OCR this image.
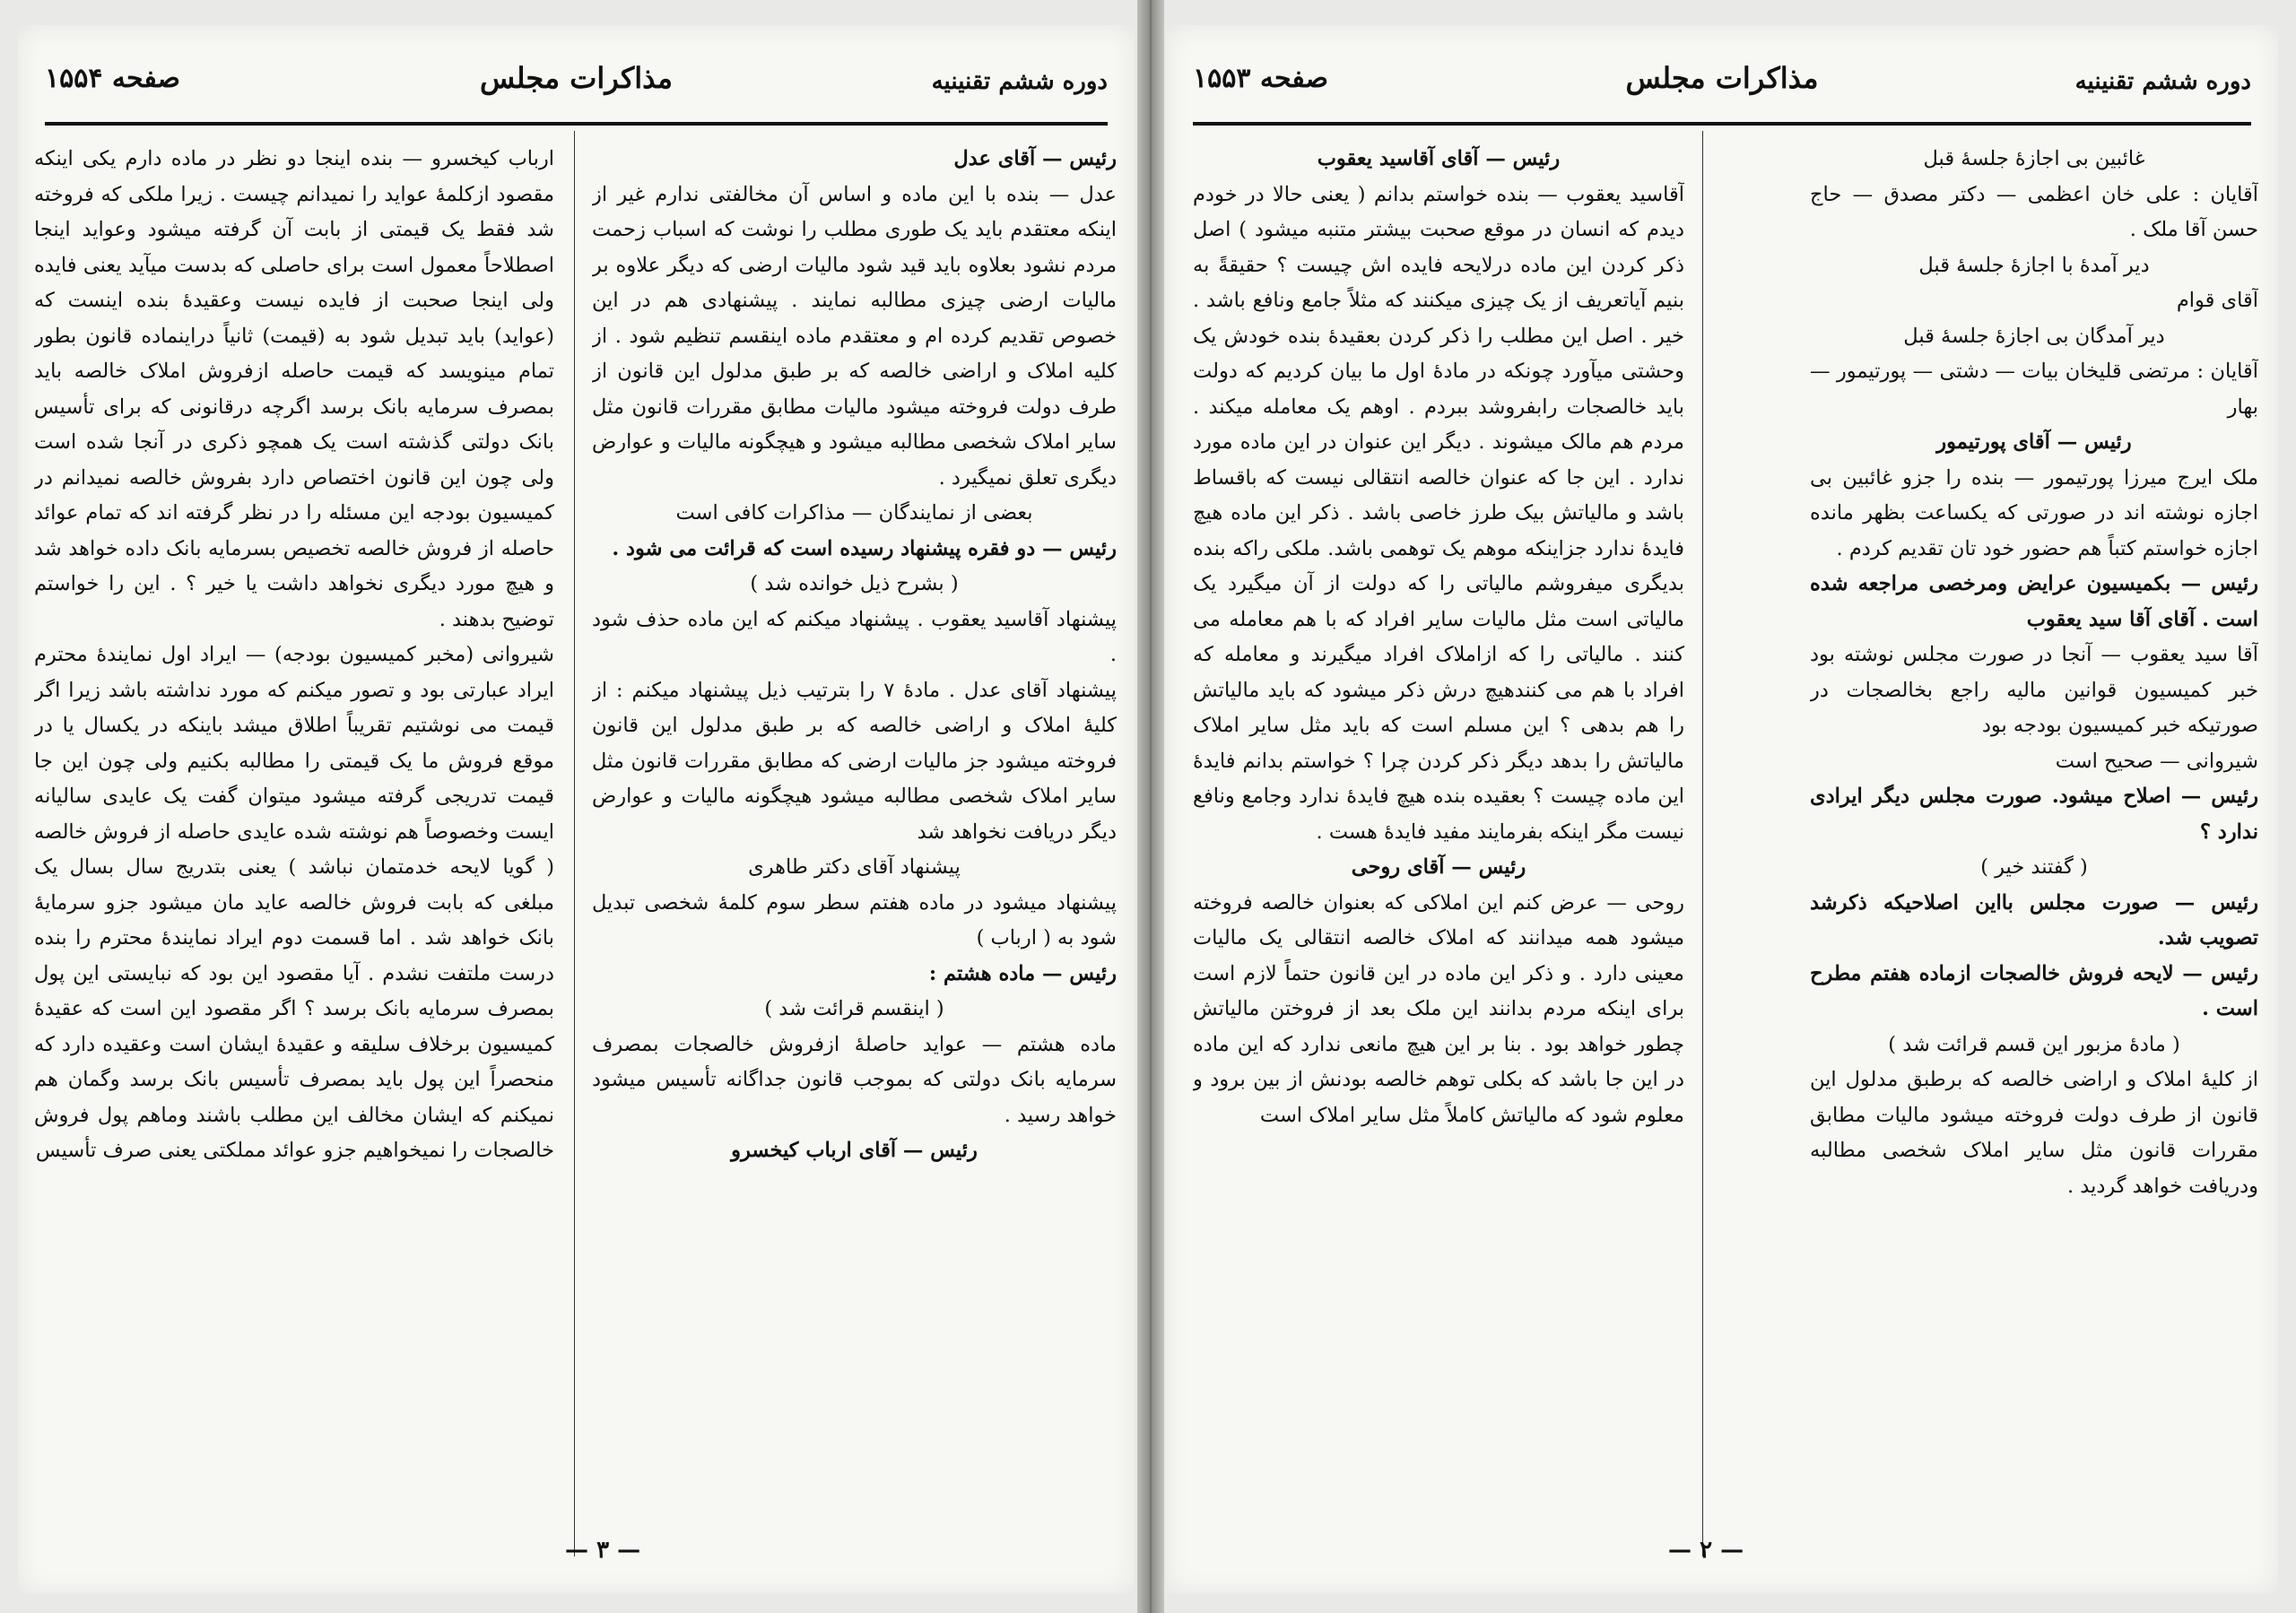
دوره ششم تقنینیه
مذاکرات مجلس
صفحه ۱۵۵۴

رئیس — آقای عدل

عدل — بنده با این ماده و اساس آن مخالفتی ندارم غیر از اینکه معتقدم باید یک طوری مطلب را نوشت که اسباب زحمت مردم نشود بعلاوه باید قید شود مالیات ارضی که دیگر علاوه بر مالیات ارضی چیزی مطالبه نمایند . پیشنهادی هم در این خصوص تقدیم کرده ام و معتقدم ماده اینقسم تنظیم شود . از کلیه املاک و اراضی خالصه که بر طبق مدلول این قانون از طرف دولت فروخته میشود مالیات مطابق مقررات قانون مثل سایر املاک شخصی مطالبه میشود و هیچگونه مالیات و عوارض دیگری تعلق نمیگیرد .

بعضی از نمایندگان — مذاکرات کافی است

رئیس — دو فقره پیشنهاد رسیده است که قرائت می شود .

( بشرح ذیل خوانده شد )

پیشنهاد آقاسید یعقوب . پیشنهاد میکنم که این ماده حذف شود .

پیشنهاد آقای عدل . مادهٔ ۷ را بترتیب ذیل پیشنهاد میکنم : از کلیهٔ املاک و اراضی خالصه که بر طبق مدلول این قانون فروخته میشود جز مالیات ارضی که مطابق مقررات قانون مثل سایر املاک شخصی مطالبه میشود هیچگونه مالیات و عوارض دیگر دریافت نخواهد شد

پیشنهاد آقای دکتر طاهری

پیشنهاد میشود در ماده هفتم سطر سوم کلمهٔ شخصی تبدیل شود به ( ارباب )

رئیس — ماده هشتم :

( اینقسم قرائت شد )

ماده هشتم — عواید حاصلهٔ ازفروش خالصجات بمصرف سرمایه بانک دولتی که بموجب قانون جداگانه تأسیس میشود خواهد رسید .

رئیس — آقای ارباب کیخسرو

ارباب کیخسرو — بنده اینجا دو نظر در ماده دارم یکی اینکه مقصود ازکلمهٔ عواید را نمیدانم چیست . زیرا ملکی که فروخته شد فقط یک قیمتی از بابت آن گرفته میشود وعواید اینجا اصطلاحاً معمول است برای حاصلی که بدست میآید یعنی فایده ولی اینجا صحبت از فایده نیست وعقیدهٔ بنده اینست که (عواید) باید تبدیل شود به (قیمت) ثانیاً دراینماده قانون بطور تمام مینویسد که قیمت حاصله ازفروش املاک خالصه باید بمصرف سرمایه بانک برسد اگرچه درقانونی که برای تأسیس بانک دولتی گذشته است یک همچو ذکری در آنجا شده است ولی چون این قانون اختصاص دارد بفروش خالصه نمیدانم در کمیسیون بودجه این مسئله را در نظر گرفته اند که تمام عوائد حاصله از فروش خالصه تخصیص بسرمایه بانک داده خواهد شد و هیچ مورد دیگری نخواهد داشت یا خیر ؟ . این را خواستم توضیح بدهند .

شیروانی (مخبر کمیسیون بودجه) — ایراد اول نمایندهٔ محترم ایراد عبارتی بود و تصور میکنم که مورد نداشته باشد زیرا اگر قیمت می نوشتیم تقریباً اطلاق میشد باینکه در یکسال یا در موقع فروش ما یک قیمتی را مطالبه بکنیم ولی چون این جا قیمت تدریجی گرفته میشود میتوان گفت یک عایدی سالیانه ایست وخصوصاً هم نوشته شده عایدی حاصله از فروش خالصه ( گویا لایحه خدمتمان نباشد ) یعنی بتدریج سال بسال یک مبلغی که بابت فروش خالصه عاید مان میشود جزو سرمایهٔ بانک خواهد شد . اما قسمت دوم ایراد نمایندهٔ محترم را بنده درست ملتفت نشدم . آیا مقصود این بود که نبایستی این پول بمصرف سرمایه بانک برسد ؟ اگر مقصود این است که عقیدهٔ کمیسیون برخلاف سلیقه و عقیدهٔ ایشان است وعقیده دارد که منحصراً این پول باید بمصرف تأسیس بانک برسد وگمان هم نمیکنم که ایشان مخالف این مطلب باشند وماهم پول فروش خالصجات را نمیخواهیم جزو عوائد مملکتی یعنی صرف تأسیس

— ۳ —
دوره ششم تقنینیه
مذاکرات مجلس
صفحه ۱۵۵۳

غائبین بی اجازهٔ جلسهٔ قبل

آقایان : علی خان اعظمی — دکتر مصدق — حاج حسن آقا ملک .

دیر آمدهٔ با اجازهٔ جلسهٔ قبل

آقای قوام

دیر آمدگان بی اجازهٔ جلسهٔ قبل

آقایان : مرتضی قلیخان بیات — دشتی — پورتیمور — بهار

رئیس — آقای پورتیمور

ملک ایرج میرزا پورتیمور — بنده را جزو غائبین بی اجازه نوشته اند در صورتی که یکساعت بظهر مانده اجازه خواستم کتباً هم حضور خود تان تقدیم کردم .

رئیس — بکمیسیون عرایض ومرخصی مراجعه شده است . آقای آقا سید یعقوب

آقا سید یعقوب — آنجا در صورت مجلس نوشته بود خبر کمیسیون قوانین مالیه راجع بخالصجات در صورتیکه خبر کمیسیون بودجه بود

شیروانی — صحیح است

رئیس — اصلاح میشود. صورت مجلس دیگر ایرادی ندارد ؟

( گفتند خیر )

رئیس — صورت مجلس بااین اصلاحیکه ذکرشد تصویب شد.

رئیس — لایحه فروش خالصجات ازماده هفتم مطرح است .

( مادهٔ مزبور این قسم قرائت شد )

از کلیهٔ املاک و اراضی خالصه که برطبق مدلول این قانون از طرف دولت فروخته میشود مالیات مطابق مقررات قانون مثل سایر املاک شخصی مطالبه ودریافت خواهد گردید .

رئیس — آقای آقاسید یعقوب

آقاسید یعقوب — بنده خواستم بدانم ( یعنی حالا در خودم دیدم که انسان در موقع صحبت بیشتر متنبه میشود ) اصل ذکر کردن این ماده درلایحه فایده اش چیست ؟ حقیقةً به بنیم آیاتعریف از یک چیزی میکنند که مثلاً جامع ونافع باشد . خیر . اصل این مطلب را ذکر کردن بعقیدهٔ بنده خودش یک وحشتی میآورد چونکه در مادهٔ اول ما بیان کردیم که دولت باید خالصجات رابفروشد ببردم . اوهم یک معامله میکند . مردم هم مالک میشوند . دیگر این عنوان در این ماده مورد ندارد . این جا که عنوان خالصه انتقالی نیست که باقساط باشد و مالیاتش بیک طرز خاصی باشد . ذکر این ماده هیچ فایدهٔ ندارد جزاینکه موهم یک توهمی باشد. ملکی راکه بنده بدیگری میفروشم مالیاتی را که دولت از آن میگیرد یک مالیاتی است مثل مالیات سایر افراد که با هم معامله می کنند . مالیاتی را که ازاملاک افراد میگیرند و معامله که افراد با هم می کنندهیچ درش ذکر میشود که باید مالیاتش را هم بدهی ؟ این مسلم است که باید مثل سایر املاک مالیاتش را بدهد دیگر ذکر کردن چرا ؟ خواستم بدانم فایدهٔ این ماده چیست ؟ بعقیده بنده هیچ فایدهٔ ندارد وجامع ونافع نیست مگر اینکه بفرمایند مفید فایدهٔ هست .

رئیس — آقای روحی

روحی — عرض کنم این املاکی که بعنوان خالصه فروخته میشود همه میدانند که املاک خالصه انتقالی یک مالیات معینی دارد . و ذکر این ماده در این قانون حتماً لازم است برای اینکه مردم بدانند این ملک بعد از فروختن مالیاتش چطور خواهد بود . بنا بر این هیچ مانعی ندارد که این ماده در این جا باشد که بکلی توهم خالصه بودنش از بین برود و معلوم شود که مالیاتش کاملاً مثل سایر املاک است

— ۲ —
